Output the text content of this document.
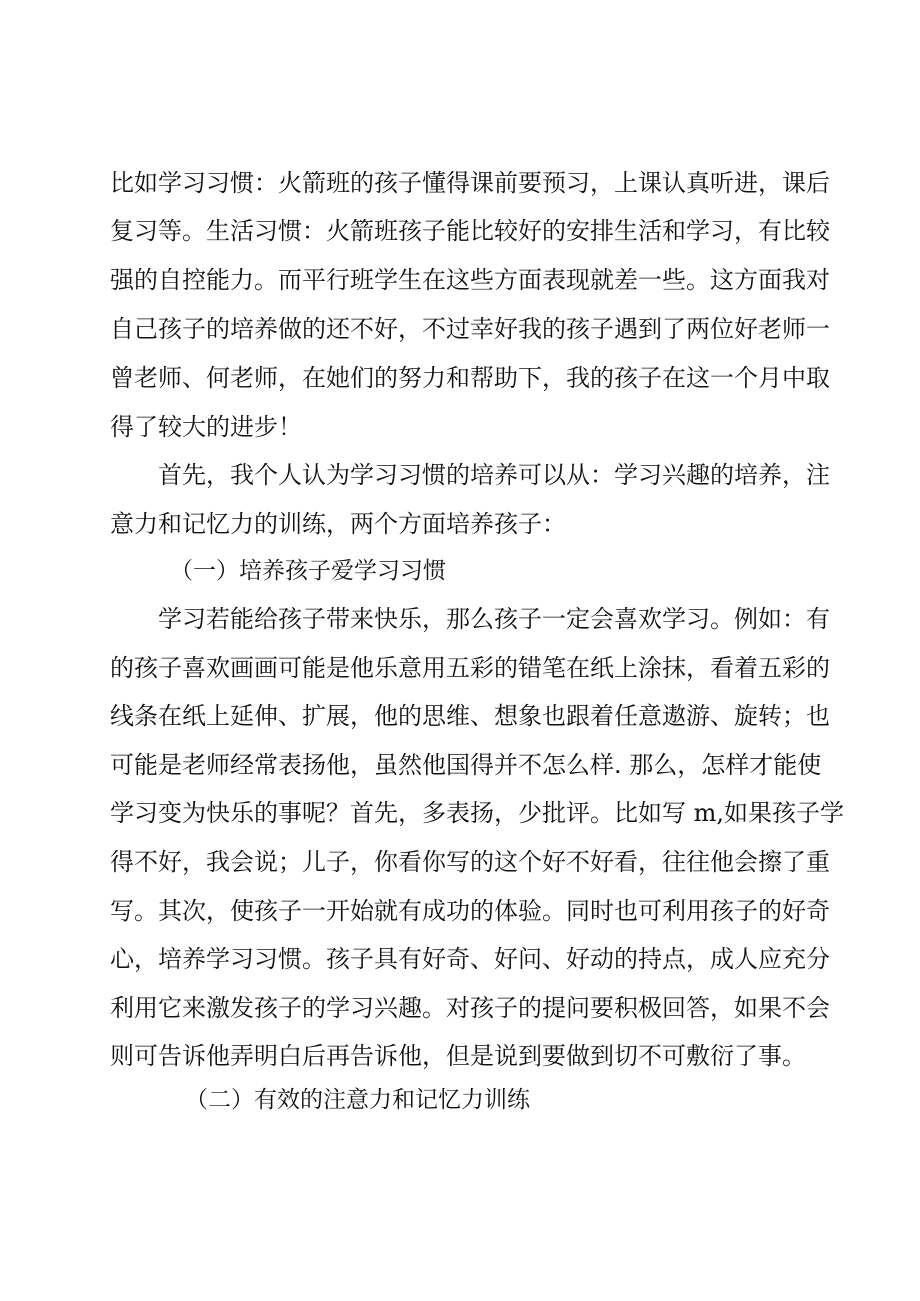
比如学习习惯：火箭班的孩子懂得课前要预习，上课认真听进，课后
复习等。生活习惯：火箭班孩子能比较好的安排生活和学习，有比较
强的自控能力。而平行班学生在这些方面表现就差一些。这方面我对
自己孩子的培养做的还不好，不过幸好我的孩子遇到了两位好老师一
曾老师、何老师，在她们的努力和帮助下，我的孩子在这一个月中取
得了较大的进步！
首先，我个人认为学习习惯的培养可以从：学习兴趣的培养，注
意力和记忆力的训练，两个方面培养孩子：
（一）培养孩子爱学习习惯
学习若能给孩子带来快乐，那么孩子一定会喜欢学习。例如：有
的孩子喜欢画画可能是他乐意用五彩的错笔在纸上涂抹，看着五彩的
线条在纸上延伸、扩展，他的思维、想象也跟着任意遨游、旋转；也
可能是老师经常表扬他，虽然他国得并不怎么样. 那么，怎样才能使
学习变为快乐的事呢？首先，多表扬，少批评。比如写 m,如果孩子学
得不好，我会说；儿子，你看你写的这个好不好看，往往他会擦了重
写。其次，使孩子一开始就有成功的体验。同时也可利用孩子的好奇
心，培养学习习惯。孩子具有好奇、好问、好动的持点，成人应充分
利用它来激发孩子的学习兴趣。对孩子的提问要积极回答，如果不会
则可告诉他弄明白后再告诉他，但是说到要做到切不可敷衍了事。
（二）有效的注意力和记忆力训练
